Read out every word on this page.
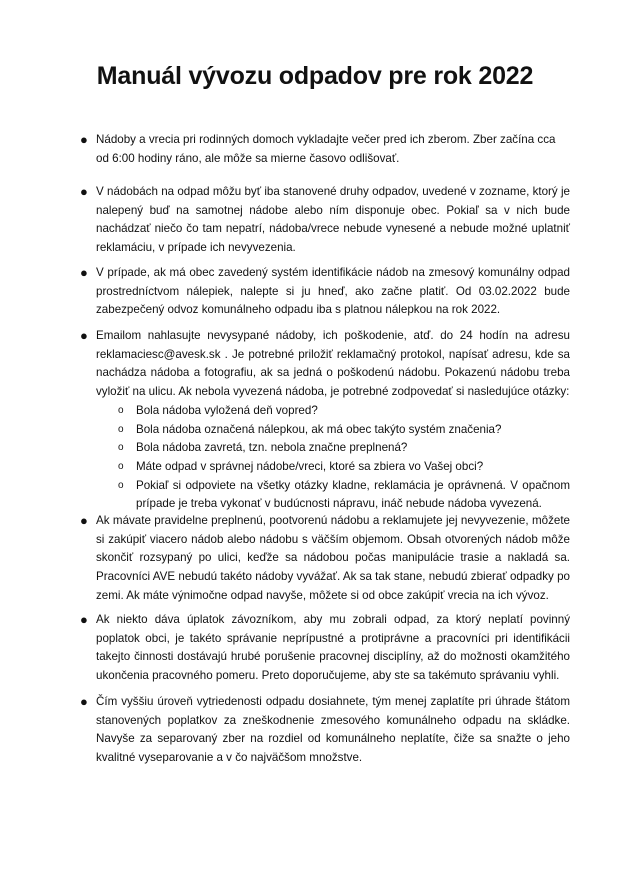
Manuál vývozu odpadov pre rok 2022
● Nádoby a vrecia pri rodinných domoch vykladajte večer pred ich zberom. Zber začína cca od 6:00 hodiny ráno, ale môže sa mierne časovo odlišovať.
● V nádobách na odpad môžu byť iba stanovené druhy odpadov, uvedené v zozname, ktorý je nalepený buď na samotnej nádobe alebo ním disponuje obec. Pokiaľ sa v nich bude nachádzať niečo čo tam nepatrí, nádoba/vrece nebude vynesené a nebude možné uplatniť reklamáciu, v prípade ich nevyvezenia.
● V prípade, ak má obec zavedený systém identifikácie nádob na zmesový komunálny odpad prostredníctvom nálepiek, nalepte si ju hneď, ako začne platiť. Od 03.02.2022 bude zabezpečený odvoz komunálneho odpadu iba s platnou nálepkou na rok 2022.
● Emailom nahlasujte nevysypané nádoby, ich poškodenie, atď. do 24 hodín na adresu reklamaciesc@avesk.sk . Je potrebné priložiť reklamačný protokol, napísať adresu, kde sa nachádza nádoba a fotografiu, ak sa jedná o poškodenú nádobu. Pokazenú nádobu treba vyložiť na ulicu. Ak nebola vyvezená nádoba, je potrebné zodpovedať si nasledujúce otázky:
o Bola nádoba vyložená deň vopred?
o Bola nádoba označená nálepkou, ak má obec takýto systém značenia?
o Bola nádoba zavretá, tzn. nebola značne preplnená?
o Máte odpad v správnej nádobe/vreci, ktoré sa zbiera vo Vašej obci?
o Pokiaľ si odpoviete na všetky otázky kladne, reklamácia je oprávnená. V opačnom prípade je treba vykonať v budúcnosti nápravu, ináč nebude nádoba vyvezená.
● Ak mávate pravidelne preplnenú, pootvorenú nádobu a reklamujete jej nevyvezenie, môžete si zakúpiť viacero nádob alebo nádobu s väčším objemom. Obsah otvorených nádob môže skončiť rozsypaný po ulici, keďže sa nádobou počas manipulácie trasie a nakladá sa. Pracovníci AVE nebudú takéto nádoby vyvážať. Ak sa tak stane, nebudú zbierať odpadky po zemi. Ak máte výnimočne odpad navyše, môžete si od obce zakúpiť vrecia na ich vývoz.
● Ak niekto dáva úplatok závozníkom, aby mu zobrali odpad, za ktorý neplatí povinný poplatok obci, je takéto správanie neprípustné a protiprávne a pracovníci pri identifikácii takejto činnosti dostávajú hrubé porušenie pracovnej disciplíny, až do možnosti okamžitého ukončenia pracovného pomeru. Preto doporučujeme, aby ste sa takémuto správaniu vyhli.
● Čím vyššiu úroveň vytriedenosti odpadu dosiahnete, tým menej zaplatíte pri úhrade štátom stanovených poplatkov za zneškodnenie zmesového komunálneho odpadu na skládke. Navyše za separovaný zber na rozdiel od komunálneho neplatíte, čiže sa snažte o jeho kvalitné vyseparovanie a v čo najväčšom množstve.
